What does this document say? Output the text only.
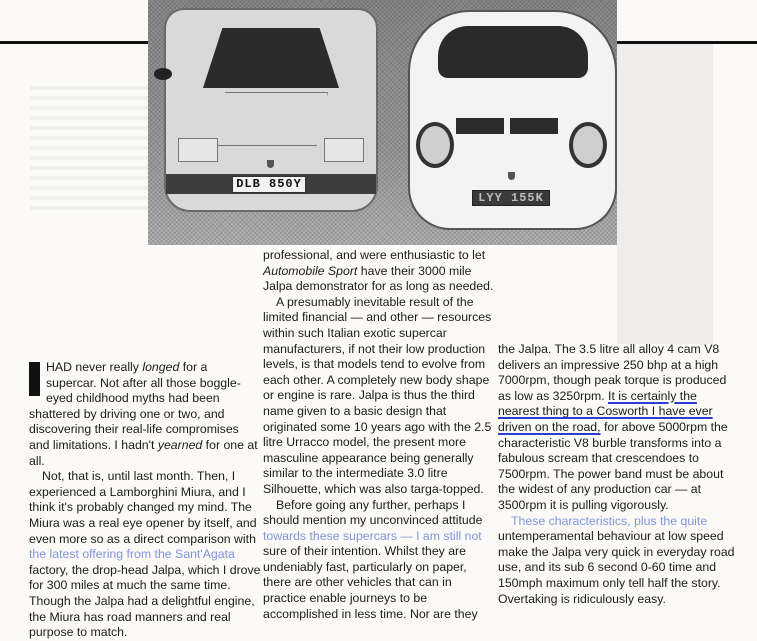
DLB 850Y
LYY 155K

HAD never really longed for a supercar. Not after all those boggle-eyed childhood myths had been shattered by driving one or two, and discovering their real-life compromises and limitations. I hadn't yearned for one at all.

Not, that is, until last month. Then, I experienced a Lamborghini Miura, and I think it's probably changed my mind. The Miura was a real eye opener by itself, and even more so as a direct comparison with the latest offering from the Sant'Agata factory, the drop-head Jalpa, which I drove for 300 miles at much the same time. Though the Jalpa had a delightful engine, the Miura has road manners and real purpose to match.

professional, and were enthusiastic to let Automobile Sport have their 3000 mile Jalpa demonstrator for as long as needed.

A presumably inevitable result of the limited financial — and other — resources within such Italian exotic supercar manufacturers, if not their low production levels, is that models tend to evolve from each other. A completely new body shape or engine is rare. Jalpa is thus the third name given to a basic design that originated some 10 years ago with the 2.5 litre Urracco model, the present more masculine appearance being generally similar to the intermediate 3.0 litre Silhouette, which was also targa-topped.

Before going any further, perhaps I should mention my unconvinced attitude towards these supercars — I am still not sure of their intention. Whilst they are undeniably fast, particularly on paper, there are other vehicles that can in practice enable journeys to be accomplished in less time. Nor are they

the Jalpa. The 3.5 litre all alloy 4 cam V8 delivers an impressive 250 bhp at a high 7000rpm, though peak torque is produced as low as 3250rpm. It is certainly the nearest thing to a Cosworth I have ever driven on the road, for above 5000rpm the characteristic V8 burble transforms into a fabulous scream that crescendoes to 7500rpm. The power band must be about the widest of any production car — at 3500rpm it is pulling vigorously.

These characteristics, plus the quite untemperamental behaviour at low speed make the Jalpa very quick in everyday road use, and its sub 6 second 0-60 time and 150mph maximum only tell half the story. Overtaking is ridiculously easy.
